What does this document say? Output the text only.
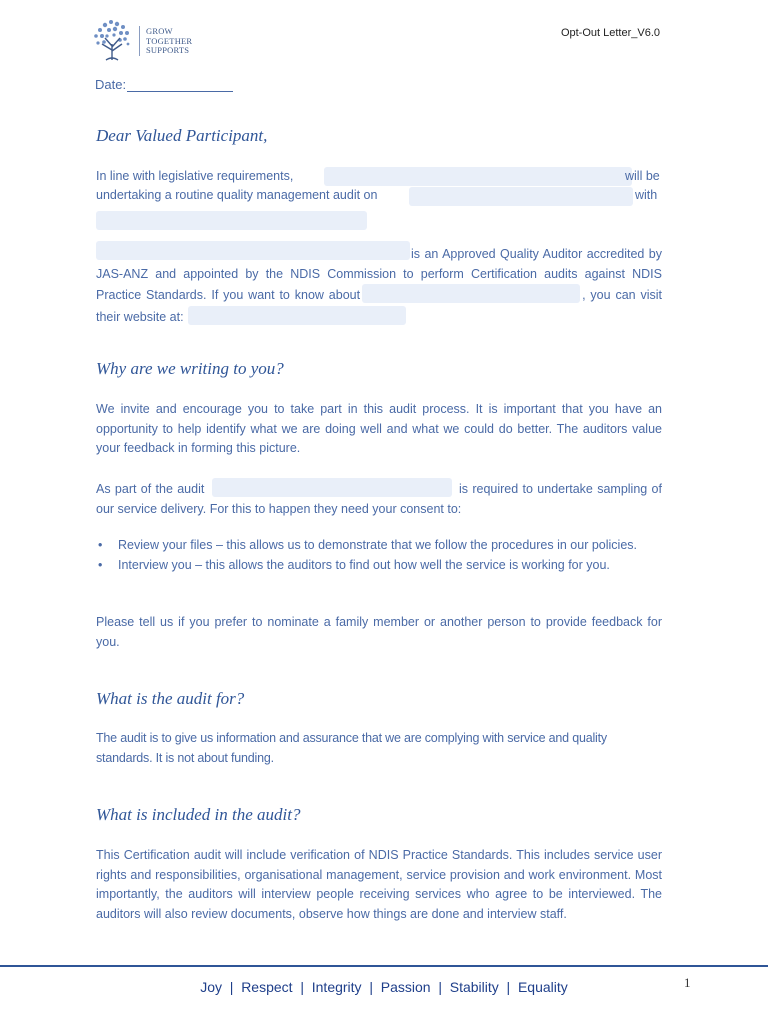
GROW
TOGETHER
SUPPORTS
Opt-Out Letter_V6.0
Date:
Dear Valued Participant,
In line with legislative requirements,	will be
undertaking a routine quality management audit on	with
is an Approved Quality Auditor accredited by JAS-ANZ and appointed by the NDIS Commission to perform Certification audits against NDIS Practice Standards. If you want to know about	, you can visit their website at:
Why are we writing to you?

We invite and encourage you to take part in this audit process. It is important that you have an opportunity to help identify what we are doing well and what we could do better. The auditors value your feedback in forming this picture.

As part of the audit	is required to undertake sampling of our service delivery. For this to happen they need your consent to:

• Review your files – this allows us to demonstrate that we follow the procedures in our policies.
• Interview you – this allows the auditors to find out how well the service is working for you.

Please tell us if you prefer to nominate a family member or another person to provide feedback for you.

What is the audit for?

The audit is to give us information and assurance that we are complying with service and quality standards. It is not about funding.

What is included in the audit?

This Certification audit will include verification of NDIS Practice Standards. This includes service user rights and responsibilities, organisational management, service provision and work environment. Most importantly, the auditors will interview people receiving services who agree to be interviewed. The auditors will also review documents, observe how things are done and interview staff.

Joy  |  Respect  |  Integrity  |  Passion  |  Stability  |  Equality	1
